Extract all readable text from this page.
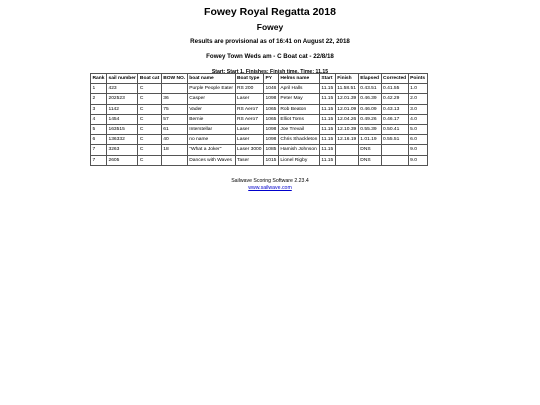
Fowey Royal Regatta 2018
Fowey
Results are provisional as of 16:41 on August 22, 2018
Fowey Town Weds am - C Boat cat - 22/8/18
Start: Start 1, Finishes: Finish time, Time: 11.15
Rank	sail number	Boat cat	BOW NO.	boat name	Boat type	PY	Helms name	Start	Finish	Elapsed	Corrected	Points
1	423	C		Purple People Eater	RS 200	1046	April Halls	11.15	11.58.51	0.43.51	0.41.55	1.0
2	202523	C	36	Casper	Laser	1098	Peter May	11.15	12.01.39	0.46.39	0.42.29	2.0
3	1142	C	75	Vader	RS Aero7	1065	Rob Beaton	11.15	12.01.09	0.46.09	0.43.13	3.0
4	1454	C	57	Bernie	RS Aero7	1065	Elliot Toms	11.15	12.04.26	0.49.26	0.46.17	4.0
5	163515	C	61	Interstellar	Laser	1098	Joe Trevail	11.15	12.10.39	0.55.39	0.50.41	5.0
6	136332	C	40	no name	Laser	1098	Chris Shackleton	11.15	12.16.19	1.01.19	0.55.51	6.0
7	3263	C	18	"What a Joker"	Laser 3000	1085	Hamish Johnson	11.15		DNS		9.0
7	2605	C		Dances with Waves	Taser	1015	Lionel Rigby	11.15		DNS		9.0
Sailwave Scoring Software 2.23.4
www.sailwave.com
